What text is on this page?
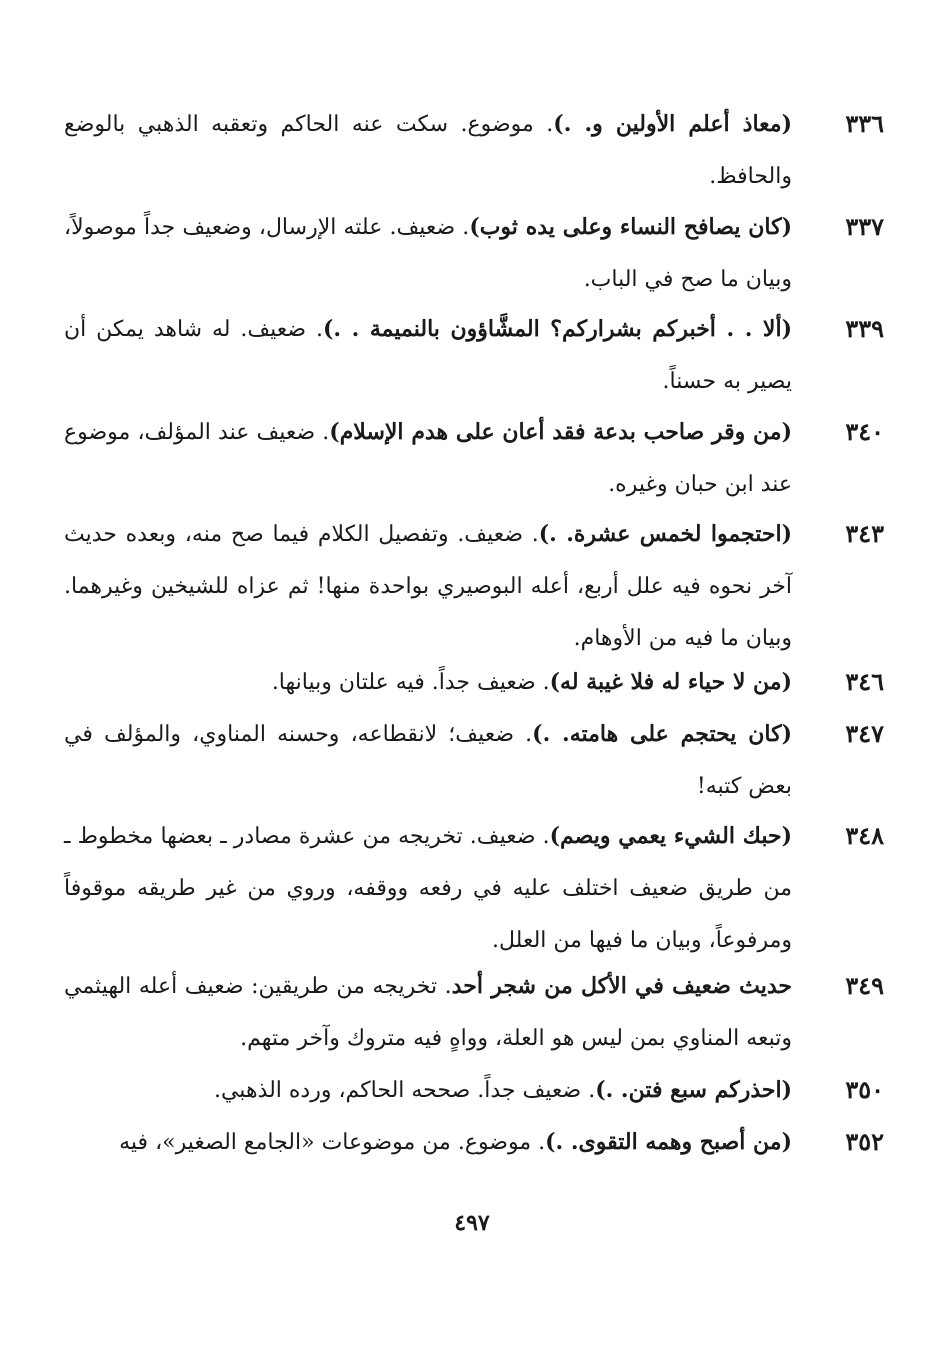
٣٣٦
(معاذ أعلم الأولين و. .). موضوع. سكت عنه الحاكم وتعقبه الذهبي بالوضع والحافظ.
٣٣٧
(كان يصافح النساء وعلى يده ثوب). ضعيف. علته الإرسال، وضعيف جداً موصولاً، وبيان ما صح في الباب.
٣٣٩
(ألا . . أخبركم بشراركم؟ المشَّاؤون بالنميمة . .). ضعيف. له شاهد يمكن أن يصير به حسناً.
٣٤٠
(من وقر صاحب بدعة فقد أعان على هدم الإسلام). ضعيف عند المؤلف، موضوع عند ابن حبان وغيره.
٣٤٣
(احتجموا لخمس عشرة. .). ضعيف. وتفصيل الكلام فيما صح منه، وبعده حديث آخر نحوه فيه علل أربع، أعله البوصيري بواحدة منها! ثم عزاه للشيخين وغيرهما. وبيان ما فيه من الأوهام.
٣٤٦
(من لا حياء له فلا غيبة له). ضعيف جداً. فيه علتان وبيانها.
٣٤٧
(كان يحتجم على هامته. .). ضعيف؛ لانقطاعه، وحسنه المناوي، والمؤلف في بعض كتبه!
٣٤٨
(حبك الشيء يعمي ويصم). ضعيف. تخريجه من عشرة مصادر ـ بعضها مخطوط ـ من طريق ضعيف اختلف عليه في رفعه ووقفه، وروي من غير طريقه موقوفاً ومرفوعاً، وبيان ما فيها من العلل.
٣٤٩
حديث ضعيف في الأكل من شجر أحد. تخريجه من طريقين: ضعيف أعله الهيثمي وتبعه المناوي بمن ليس هو العلة، وواهٍ فيه متروك وآخر متهم.
٣٥٠
(احذركم سبع فتن. .). ضعيف جداً. صححه الحاكم، ورده الذهبي.
٣٥٢
(من أصبح وهمه التقوى. .). موضوع. من موضوعات «الجامع الصغير»، فيه
٤٩٧
